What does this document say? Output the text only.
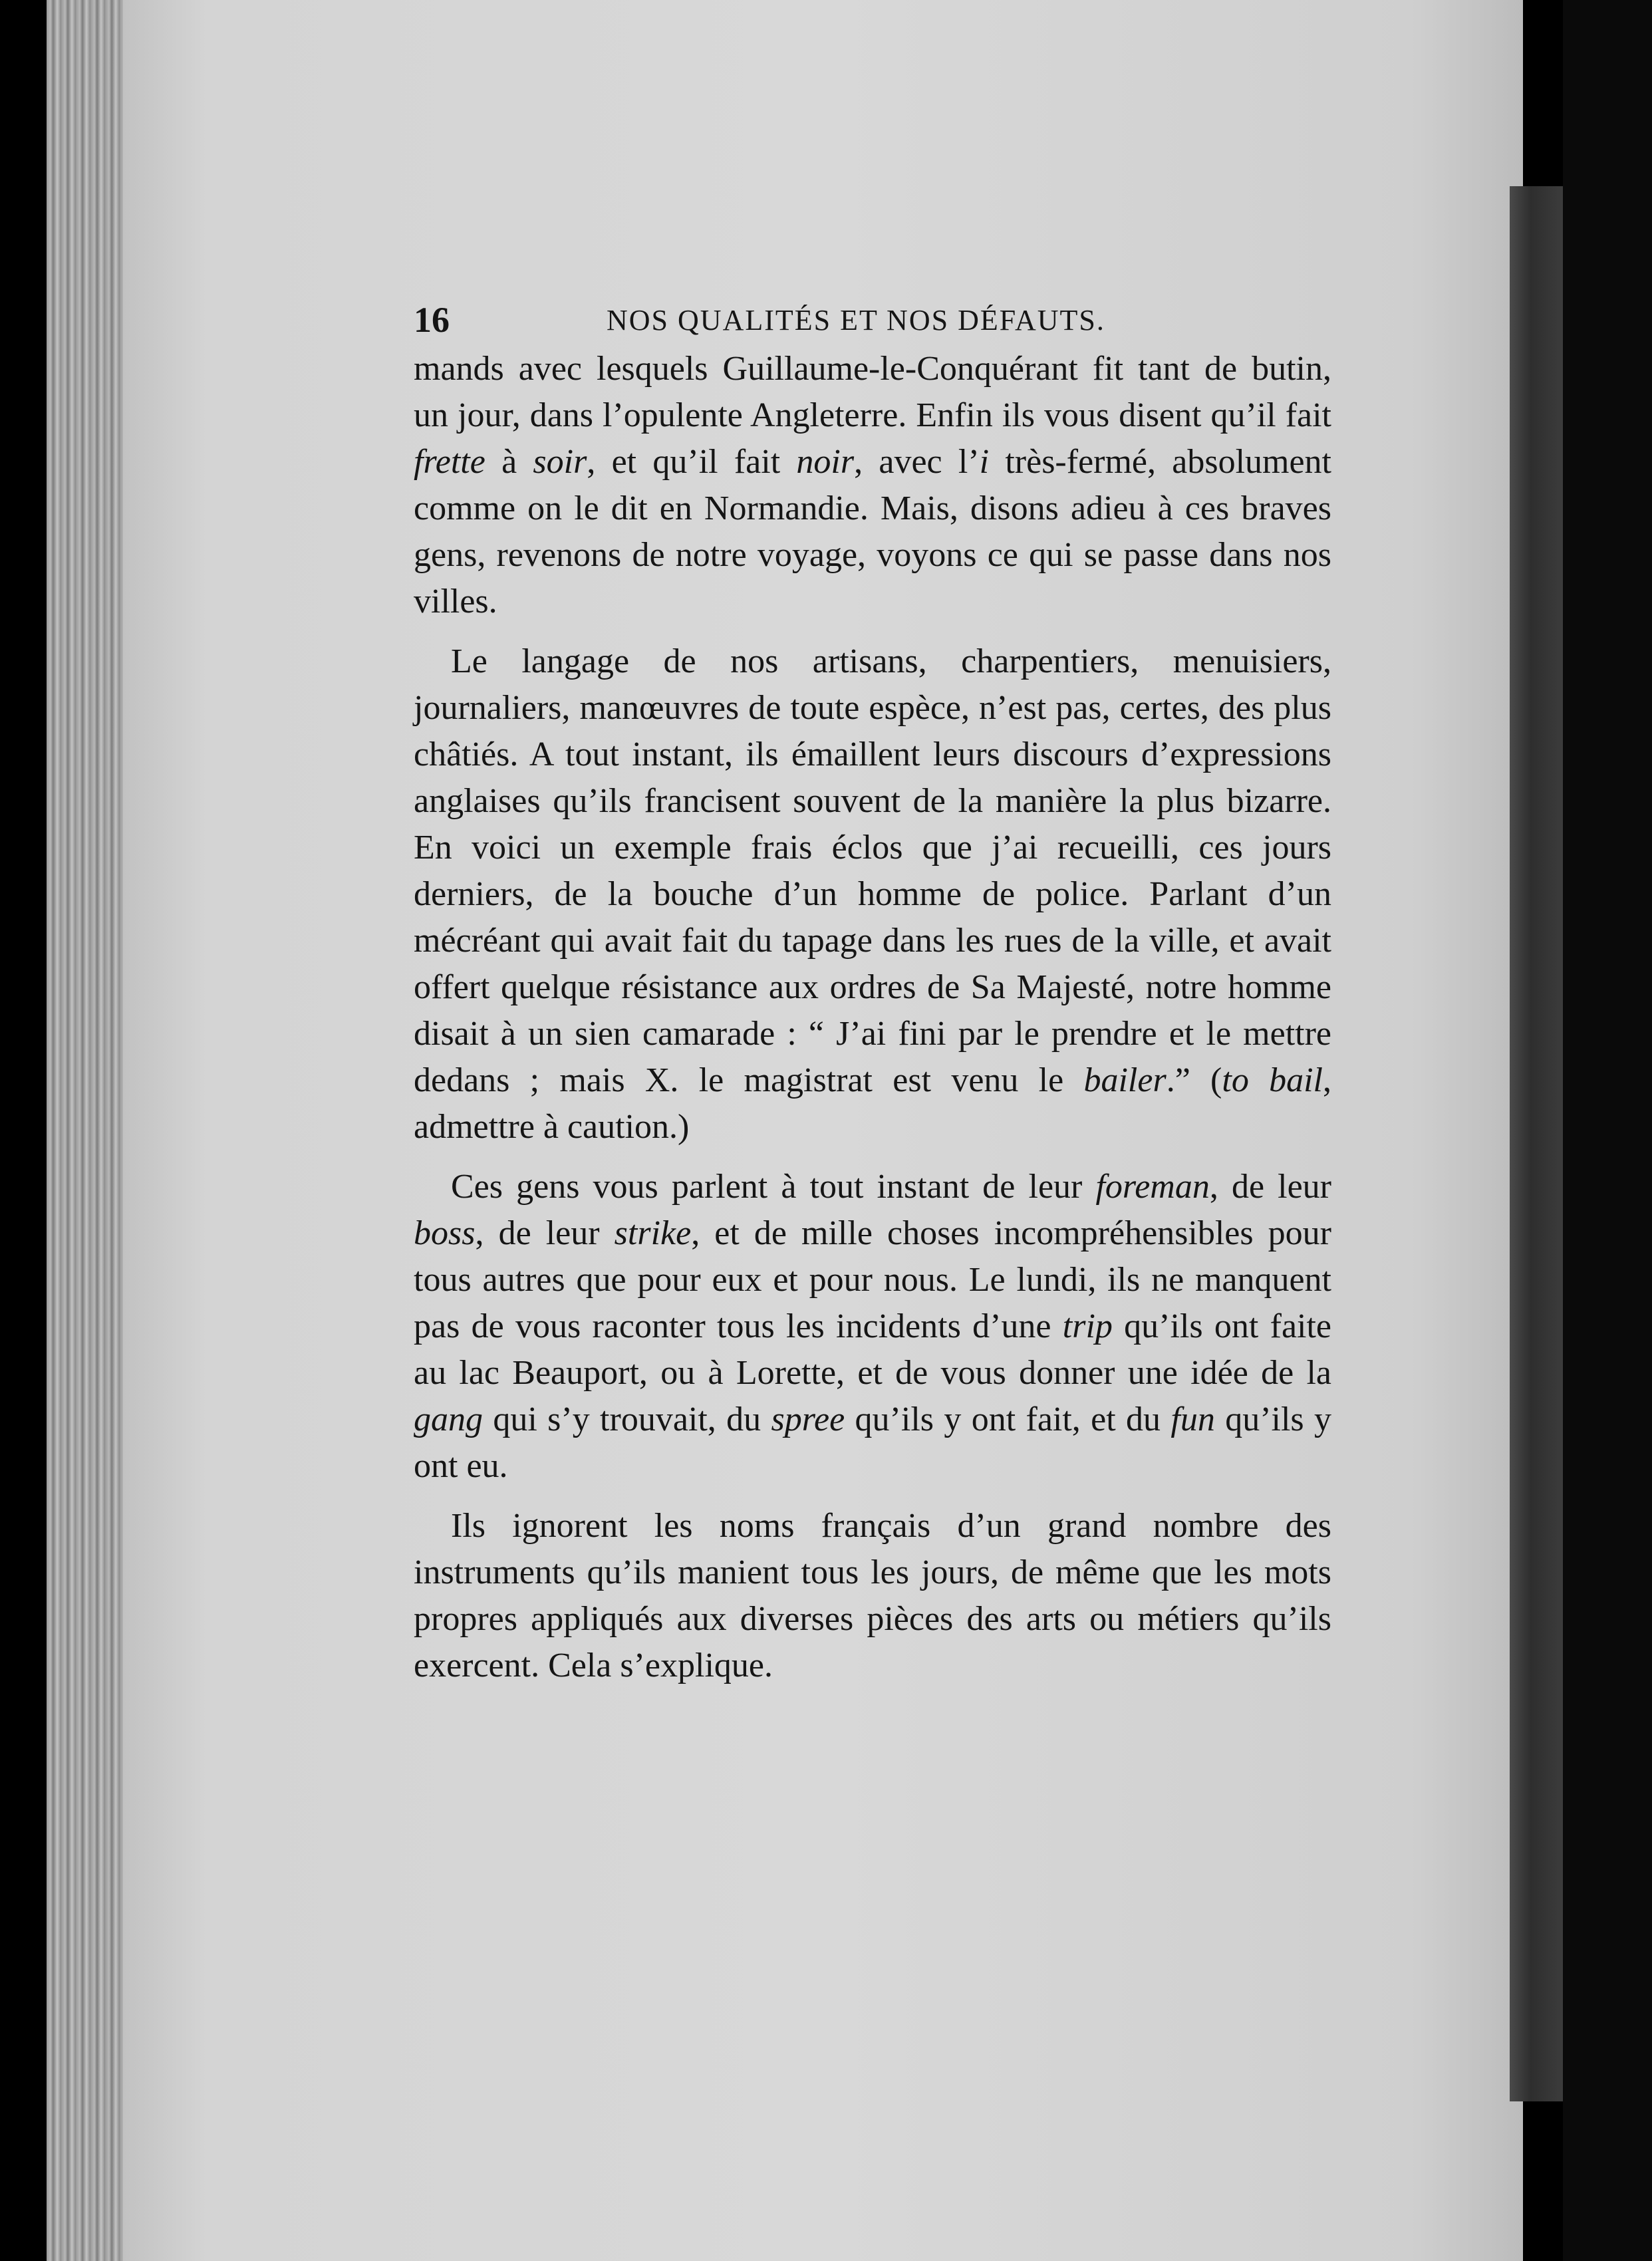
16	NOS QUALITÉS ET NOS DÉFAUTS.

mands avec lesquels Guillaume-le-Conquérant fit tant de butin, un jour, dans l’opulente Angleterre. Enfin ils vous disent qu’il fait frette à soir, et qu’il fait noir, avec l’i très-fermé, absolument comme on le dit en Normandie. Mais, disons adieu à ces braves gens, revenons de notre voyage, voyons ce qui se passe dans nos villes.

Le langage de nos artisans, charpentiers, menuisiers, journaliers, manœuvres de toute espèce, n’est pas, certes, des plus châtiés. A tout instant, ils émaillent leurs discours d’expressions anglaises qu’ils francisent souvent de la manière la plus bizarre. En voici un exemple frais éclos que j’ai recueilli, ces jours derniers, de la bouche d’un homme de police. Parlant d’un mécréant qui avait fait du tapage dans les rues de la ville, et avait offert quelque résistance aux ordres de Sa Majesté, notre homme disait à un sien camarade : “ J’ai fini par le prendre et le mettre dedans ; mais X. le magistrat est venu le bailer.” (to bail, admettre à caution.)

Ces gens vous parlent à tout instant de leur foreman, de leur boss, de leur strike, et de mille choses incompréhensibles pour tous autres que pour eux et pour nous. Le lundi, ils ne manquent pas de vous raconter tous les incidents d’une trip qu’ils ont faite au lac Beauport, ou à Lorette, et de vous donner une idée de la gang qui s’y trouvait, du spree qu’ils y ont fait, et du fun qu’ils y ont eu.

Ils ignorent les noms français d’un grand nombre des instruments qu’ils manient tous les jours, de même que les mots propres appliqués aux diverses pièces des arts ou métiers qu’ils exercent. Cela s’explique.
